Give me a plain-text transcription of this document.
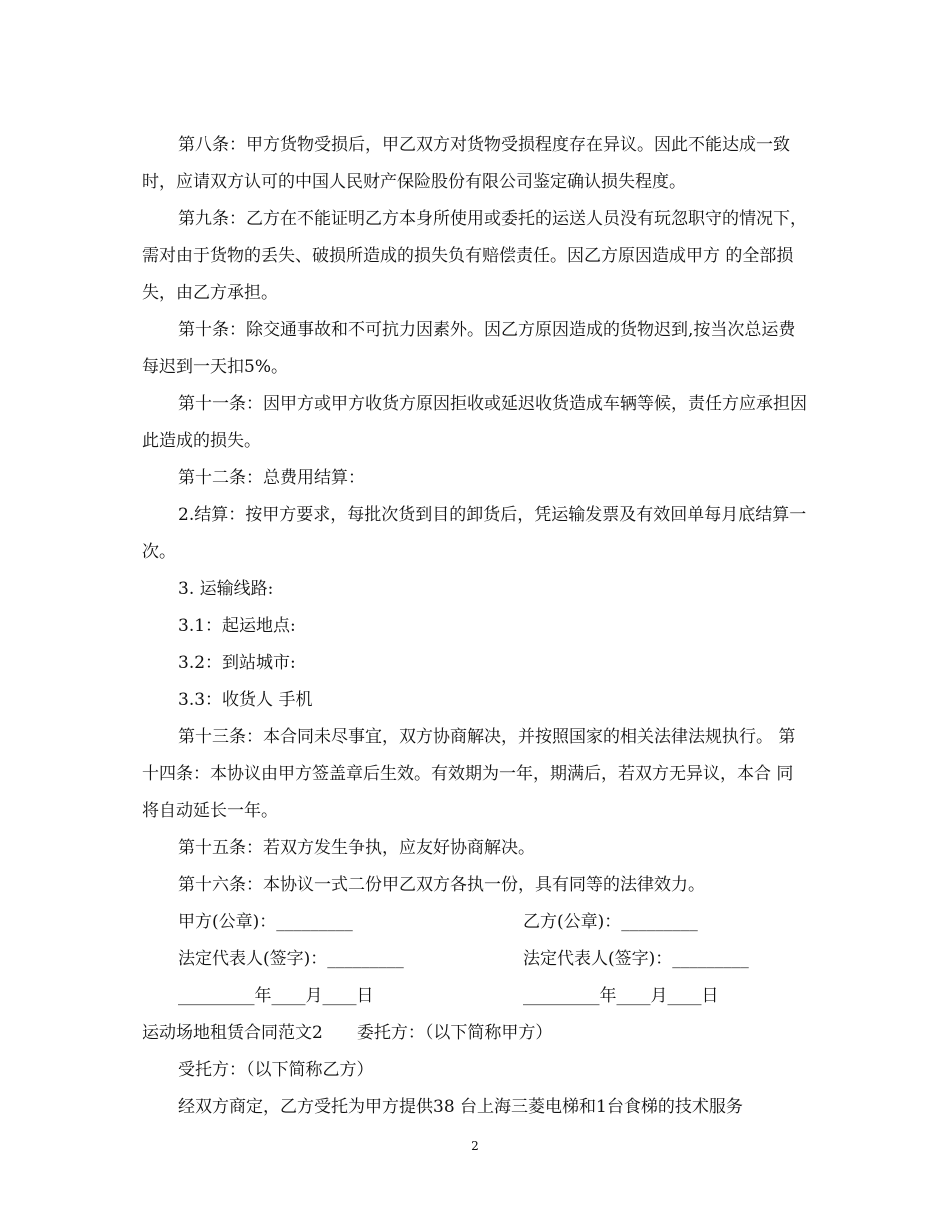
第八条：甲方货物受损后，甲乙双方对货物受损程度存在异议。因此不能达成一致时，应请双方认可的中国人民财产保险股份有限公司鉴定确认损失程度。

第九条：乙方在不能证明乙方本身所使用或委托的运送人员没有玩忽职守的情况下，需对由于货物的丢失、破损所造成的损失负有赔偿责任。因乙方原因造成甲方 的全部损失，由乙方承担。

第十条：除交通事故和不可抗力因素外。因乙方原因造成的货物迟到,按当次总运费每迟到一天扣5%。

第十一条：因甲方或甲方收货方原因拒收或延迟收货造成车辆等候，责任方应承担因此造成的损失。

第十二条：总费用结算：

2.结算：按甲方要求，每批次货到目的卸货后，凭运输发票及有效回单每月底结算一次。

3. 运输线路:

3.1：起运地点:

3.2：到站城市:

3.3：收货人 手机

第十三条：本合同未尽事宜，双方协商解决，并按照国家的相关法律法规执行。 第十四条：本协议由甲方签盖章后生效。有效期为一年，期满后，若双方无异议，本合 同将自动延长一年。

第十五条：若双方发生争执，应友好协商解决。

第十六条：本协议一式二份甲乙双方各执一份，具有同等的法律效力。

甲方(公章)：_________	乙方(公章)：_________

法定代表人(签字)：_________	法定代表人(签字)：_________

_________年____月____日	_________年____月____日

运动场地租赁合同范文2　　委托方：（以下简称甲方）

受托方：（以下简称乙方）

经双方商定，乙方受托为甲方提供38 台上海三菱电梯和1台食梯的技术服务

2
